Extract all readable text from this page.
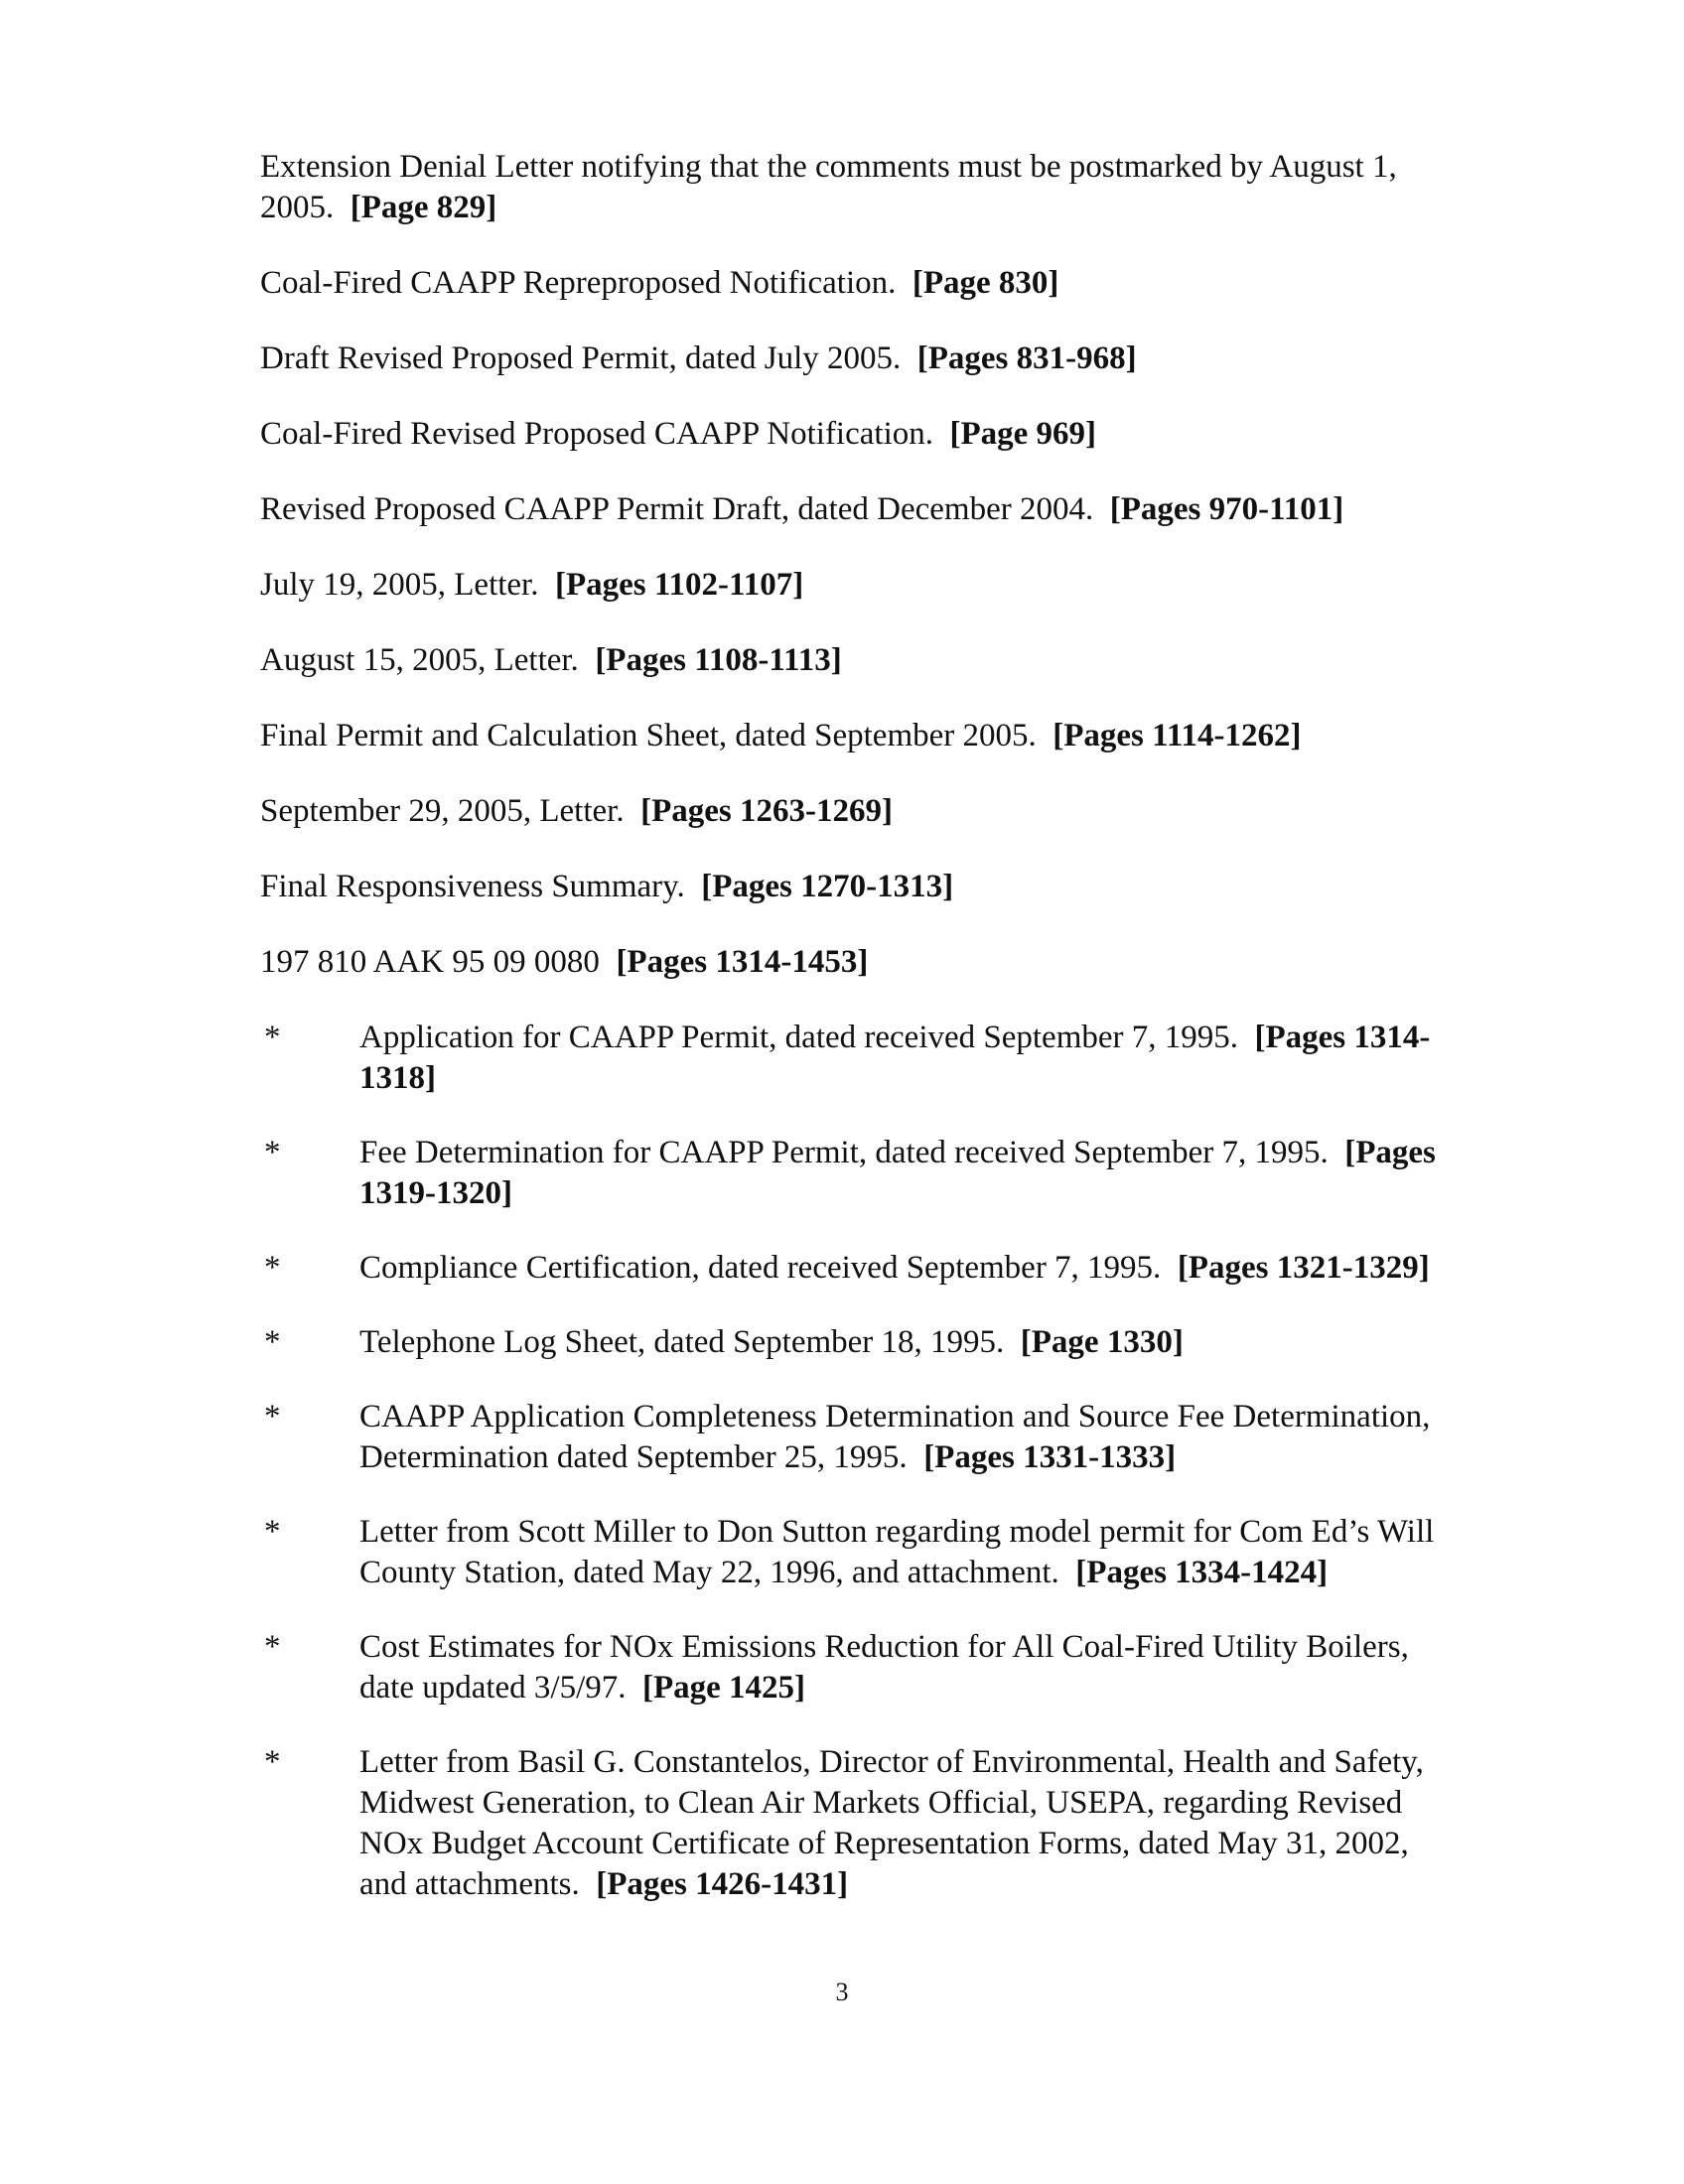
Extension Denial Letter notifying that the comments must be postmarked by August 1, 2005. [Page 829]
Coal-Fired CAAPP Repreproposed Notification. [Page 830]
Draft Revised Proposed Permit, dated July 2005. [Pages 831-968]
Coal-Fired Revised Proposed CAAPP Notification. [Page 969]
Revised Proposed CAAPP Permit Draft, dated December 2004. [Pages 970-1101]
July 19, 2005, Letter. [Pages 1102-1107]
August 15, 2005, Letter. [Pages 1108-1113]
Final Permit and Calculation Sheet, dated September 2005. [Pages 1114-1262]
September 29, 2005, Letter. [Pages 1263-1269]
Final Responsiveness Summary. [Pages 1270-1313]
197 810 AAK 95 09 0080 [Pages 1314-1453]
* Application for CAAPP Permit, dated received September 7, 1995. [Pages 1314-1318]
* Fee Determination for CAAPP Permit, dated received September 7, 1995. [Pages 1319-1320]
* Compliance Certification, dated received September 7, 1995. [Pages 1321-1329]
* Telephone Log Sheet, dated September 18, 1995. [Page 1330]
* CAAPP Application Completeness Determination and Source Fee Determination, Determination dated September 25, 1995. [Pages 1331-1333]
* Letter from Scott Miller to Don Sutton regarding model permit for Com Ed’s Will County Station, dated May 22, 1996, and attachment. [Pages 1334-1424]
* Cost Estimates for NOx Emissions Reduction for All Coal-Fired Utility Boilers, date updated 3/5/97. [Page 1425]
* Letter from Basil G. Constantelos, Director of Environmental, Health and Safety, Midwest Generation, to Clean Air Markets Official, USEPA, regarding Revised NOx Budget Account Certificate of Representation Forms, dated May 31, 2002, and attachments. [Pages 1426-1431]
3
